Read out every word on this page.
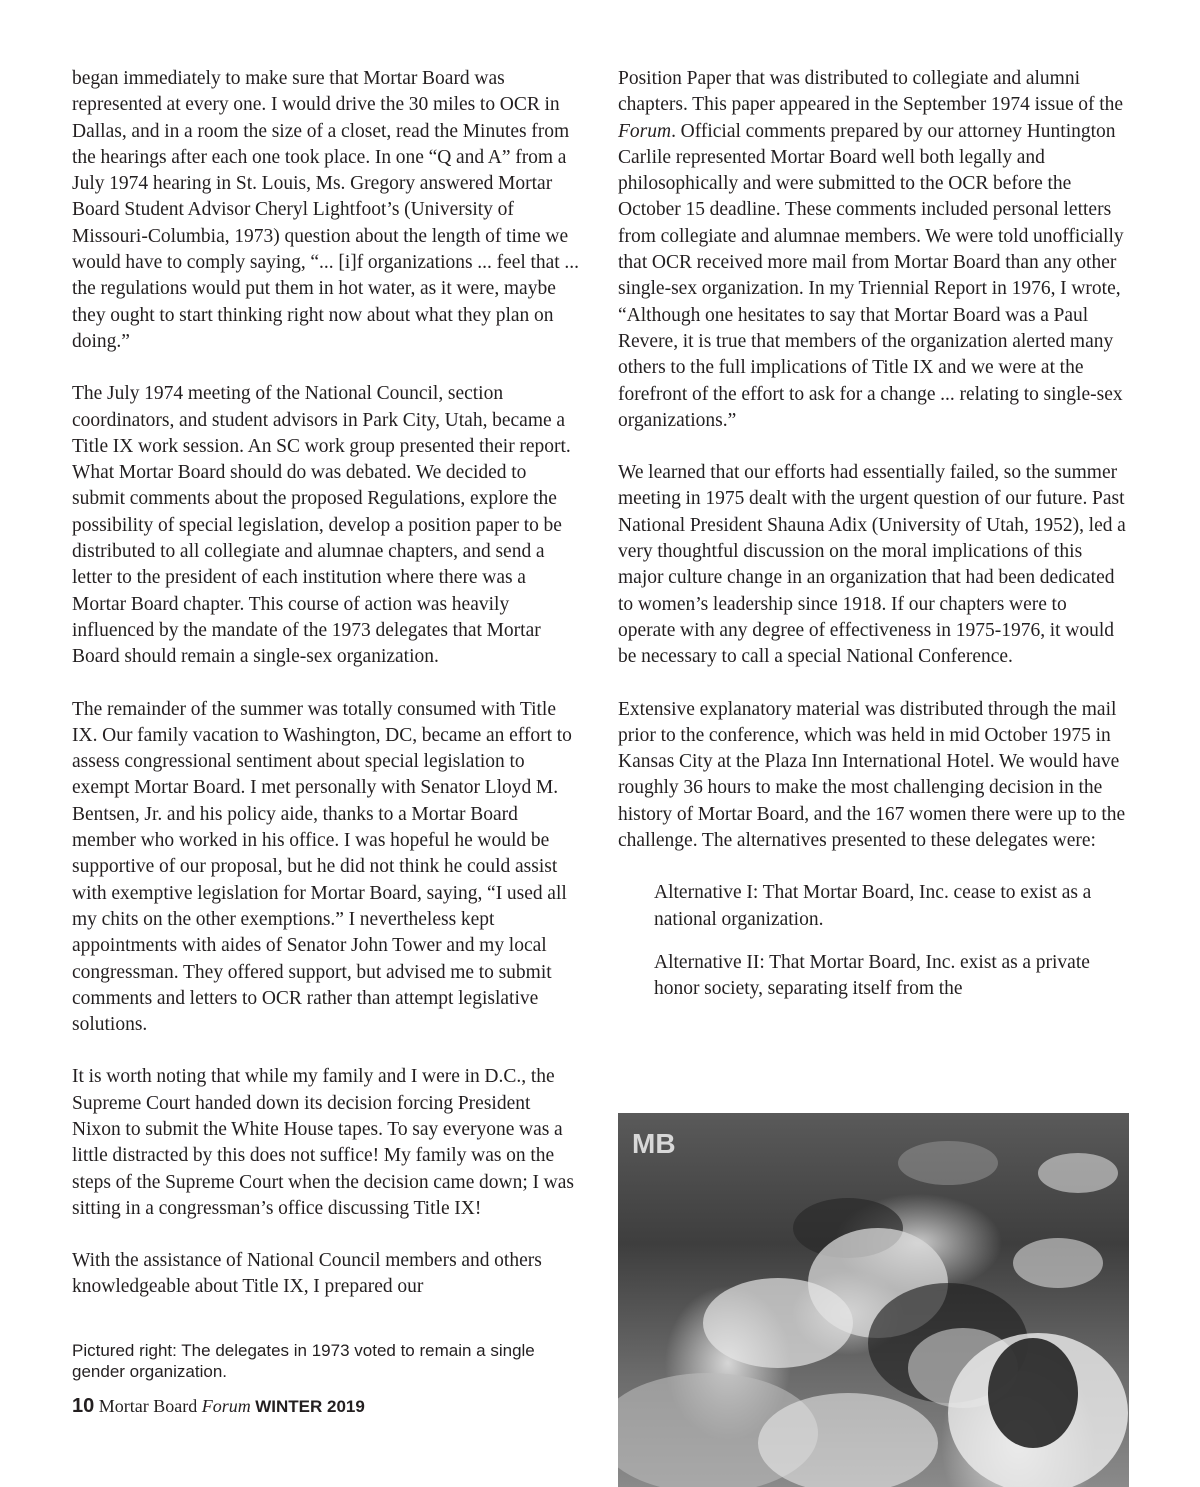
began immediately to make sure that Mortar Board was represented at every one. I would drive the 30 miles to OCR in Dallas, and in a room the size of a closet, read the Minutes from the hearings after each one took place. In one “Q and A” from a July 1974 hearing in St. Louis, Ms. Gregory answered Mortar Board Student Advisor Cheryl Lightfoot’s (University of Missouri-Columbia, 1973) question about the length of time we would have to comply saying, “... [i]f organizations ... feel that ... the regulations would put them in hot water, as it were, maybe they ought to start thinking right now about what they plan on doing.”

The July 1974 meeting of the National Council, section coordinators, and student advisors in Park City, Utah, became a Title IX work session. An SC work group presented their report. What Mortar Board should do was debated. We decided to submit comments about the proposed Regulations, explore the possibility of special legislation, develop a position paper to be distributed to all collegiate and alumnae chapters, and send a letter to the president of each institution where there was a Mortar Board chapter. This course of action was heavily influenced by the mandate of the 1973 delegates that Mortar Board should remain a single-sex organization.

The remainder of the summer was totally consumed with Title IX. Our family vacation to Washington, DC, became an effort to assess congressional sentiment about special legislation to exempt Mortar Board. I met personally with Senator Lloyd M. Bentsen, Jr. and his policy aide, thanks to a Mortar Board member who worked in his office. I was hopeful he would be supportive of our proposal, but he did not think he could assist with exemptive legislation for Mortar Board, saying, “I used all my chits on the other exemptions.” I nevertheless kept appointments with aides of Senator John Tower and my local congressman. They offered support, but advised me to submit comments and letters to OCR rather than attempt legislative solutions.

It is worth noting that while my family and I were in D.C., the Supreme Court handed down its decision forcing President Nixon to submit the White House tapes. To say everyone was a little distracted by this does not suffice! My family was on the steps of the Supreme Court when the decision came down; I was sitting in a congressman’s office discussing Title IX!

With the assistance of National Council members and others knowledgeable about Title IX, I prepared our

Position Paper that was distributed to collegiate and alumni chapters. This paper appeared in the September 1974 issue of the Forum. Official comments prepared by our attorney Huntington Carlile represented Mortar Board well both legally and philosophically and were submitted to the OCR before the October 15 deadline. These comments included personal letters from collegiate and alumnae members. We were told unofficially that OCR received more mail from Mortar Board than any other single-sex organization. In my Triennial Report in 1976, I wrote, “Although one hesitates to say that Mortar Board was a Paul Revere, it is true that members of the organization alerted many others to the full implications of Title IX and we were at the forefront of the effort to ask for a change ... relating to single-sex organizations.”

We learned that our efforts had essentially failed, so the summer meeting in 1975 dealt with the urgent question of our future. Past National President Shauna Adix (University of Utah, 1952), led a very thoughtful discussion on the moral implications of this major culture change in an organization that had been dedicated to women’s leadership since 1918. If our chapters were to operate with any degree of effectiveness in 1975-1976, it would be necessary to call a special National Conference.

Extensive explanatory material was distributed through the mail prior to the conference, which was held in mid October 1975 in Kansas City at the Plaza Inn International Hotel. We would have roughly 36 hours to make the most challenging decision in the history of Mortar Board, and the 167 women there were up to the challenge. The alternatives presented to these delegates were:

Alternative I: That Mortar Board, Inc. cease to exist as a national organization.

Alternative II: That Mortar Board, Inc. exist as a private honor society, separating itself from the

Pictured right: The delegates in 1973 voted to remain a single gender organization.
10 Mortar Board Forum WINTER 2019
MB
